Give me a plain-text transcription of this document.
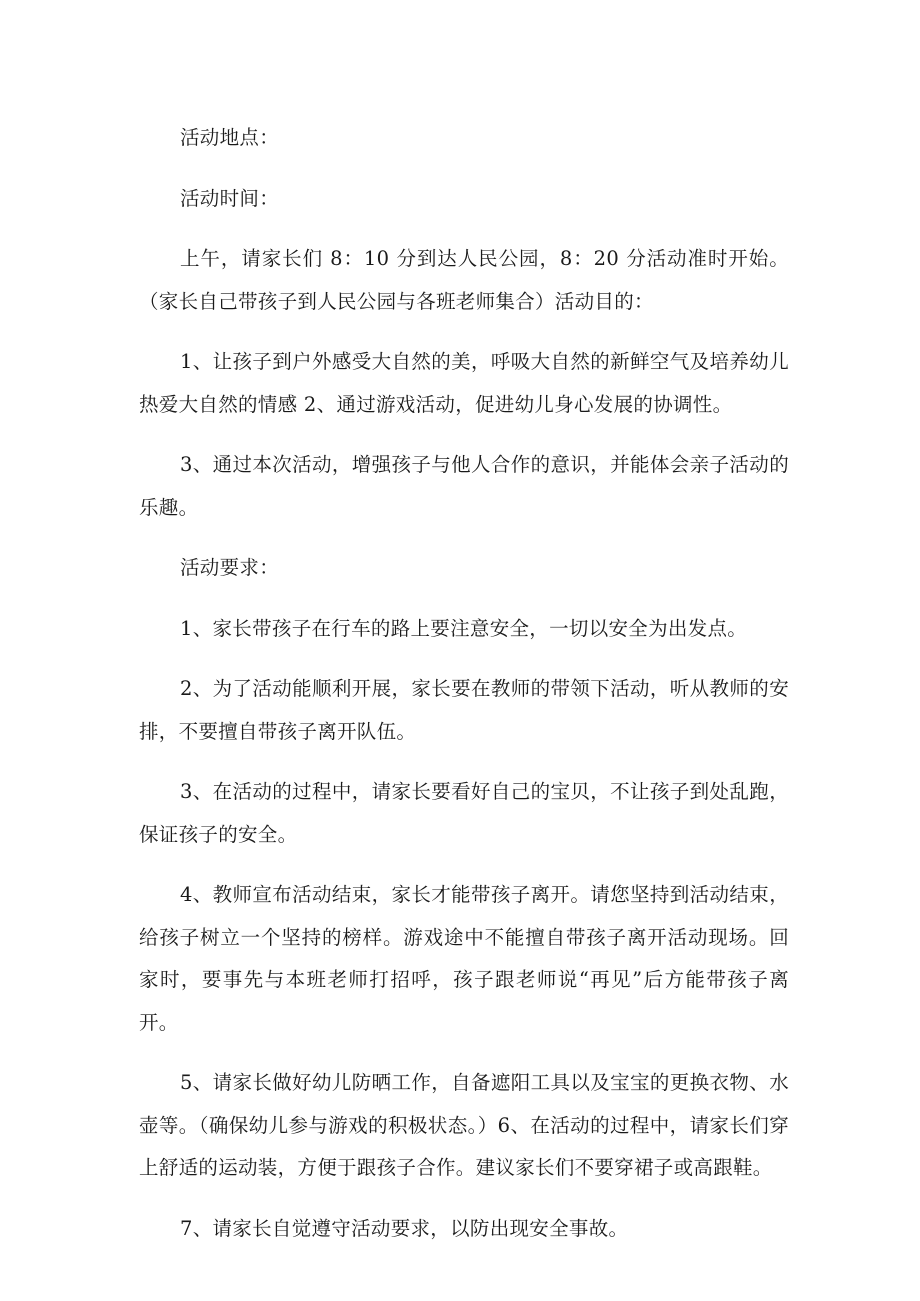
活动地点：

活动时间：

上午，请家长们 8：10 分到达人民公园，8：20 分活动准时开始。（家长自己带孩子到人民公园与各班老师集合）活动目的：

1、让孩子到户外感受大自然的美，呼吸大自然的新鲜空气及培养幼儿热爱大自然的情感 2、通过游戏活动，促进幼儿身心发展的协调性。

3、通过本次活动，增强孩子与他人合作的意识，并能体会亲子活动的乐趣。

活动要求：

1、家长带孩子在行车的路上要注意安全，一切以安全为出发点。

2、为了活动能顺利开展，家长要在教师的带领下活动，听从教师的安排，不要擅自带孩子离开队伍。

3、在活动的过程中，请家长要看好自己的宝贝，不让孩子到处乱跑，保证孩子的安全。

4、教师宣布活动结束，家长才能带孩子离开。请您坚持到活动结束，给孩子树立一个坚持的榜样。游戏途中不能擅自带孩子离开活动现场。回家时，要事先与本班老师打招呼，孩子跟老师说“再见”后方能带孩子离开。

5、请家长做好幼儿防晒工作，自备遮阳工具以及宝宝的更换衣物、水壶等。（确保幼儿参与游戏的积极状态。）6、在活动的过程中，请家长们穿上舒适的运动装，方便于跟孩子合作。建议家长们不要穿裙子或高跟鞋。

7、请家长自觉遵守活动要求，以防出现安全事故。
